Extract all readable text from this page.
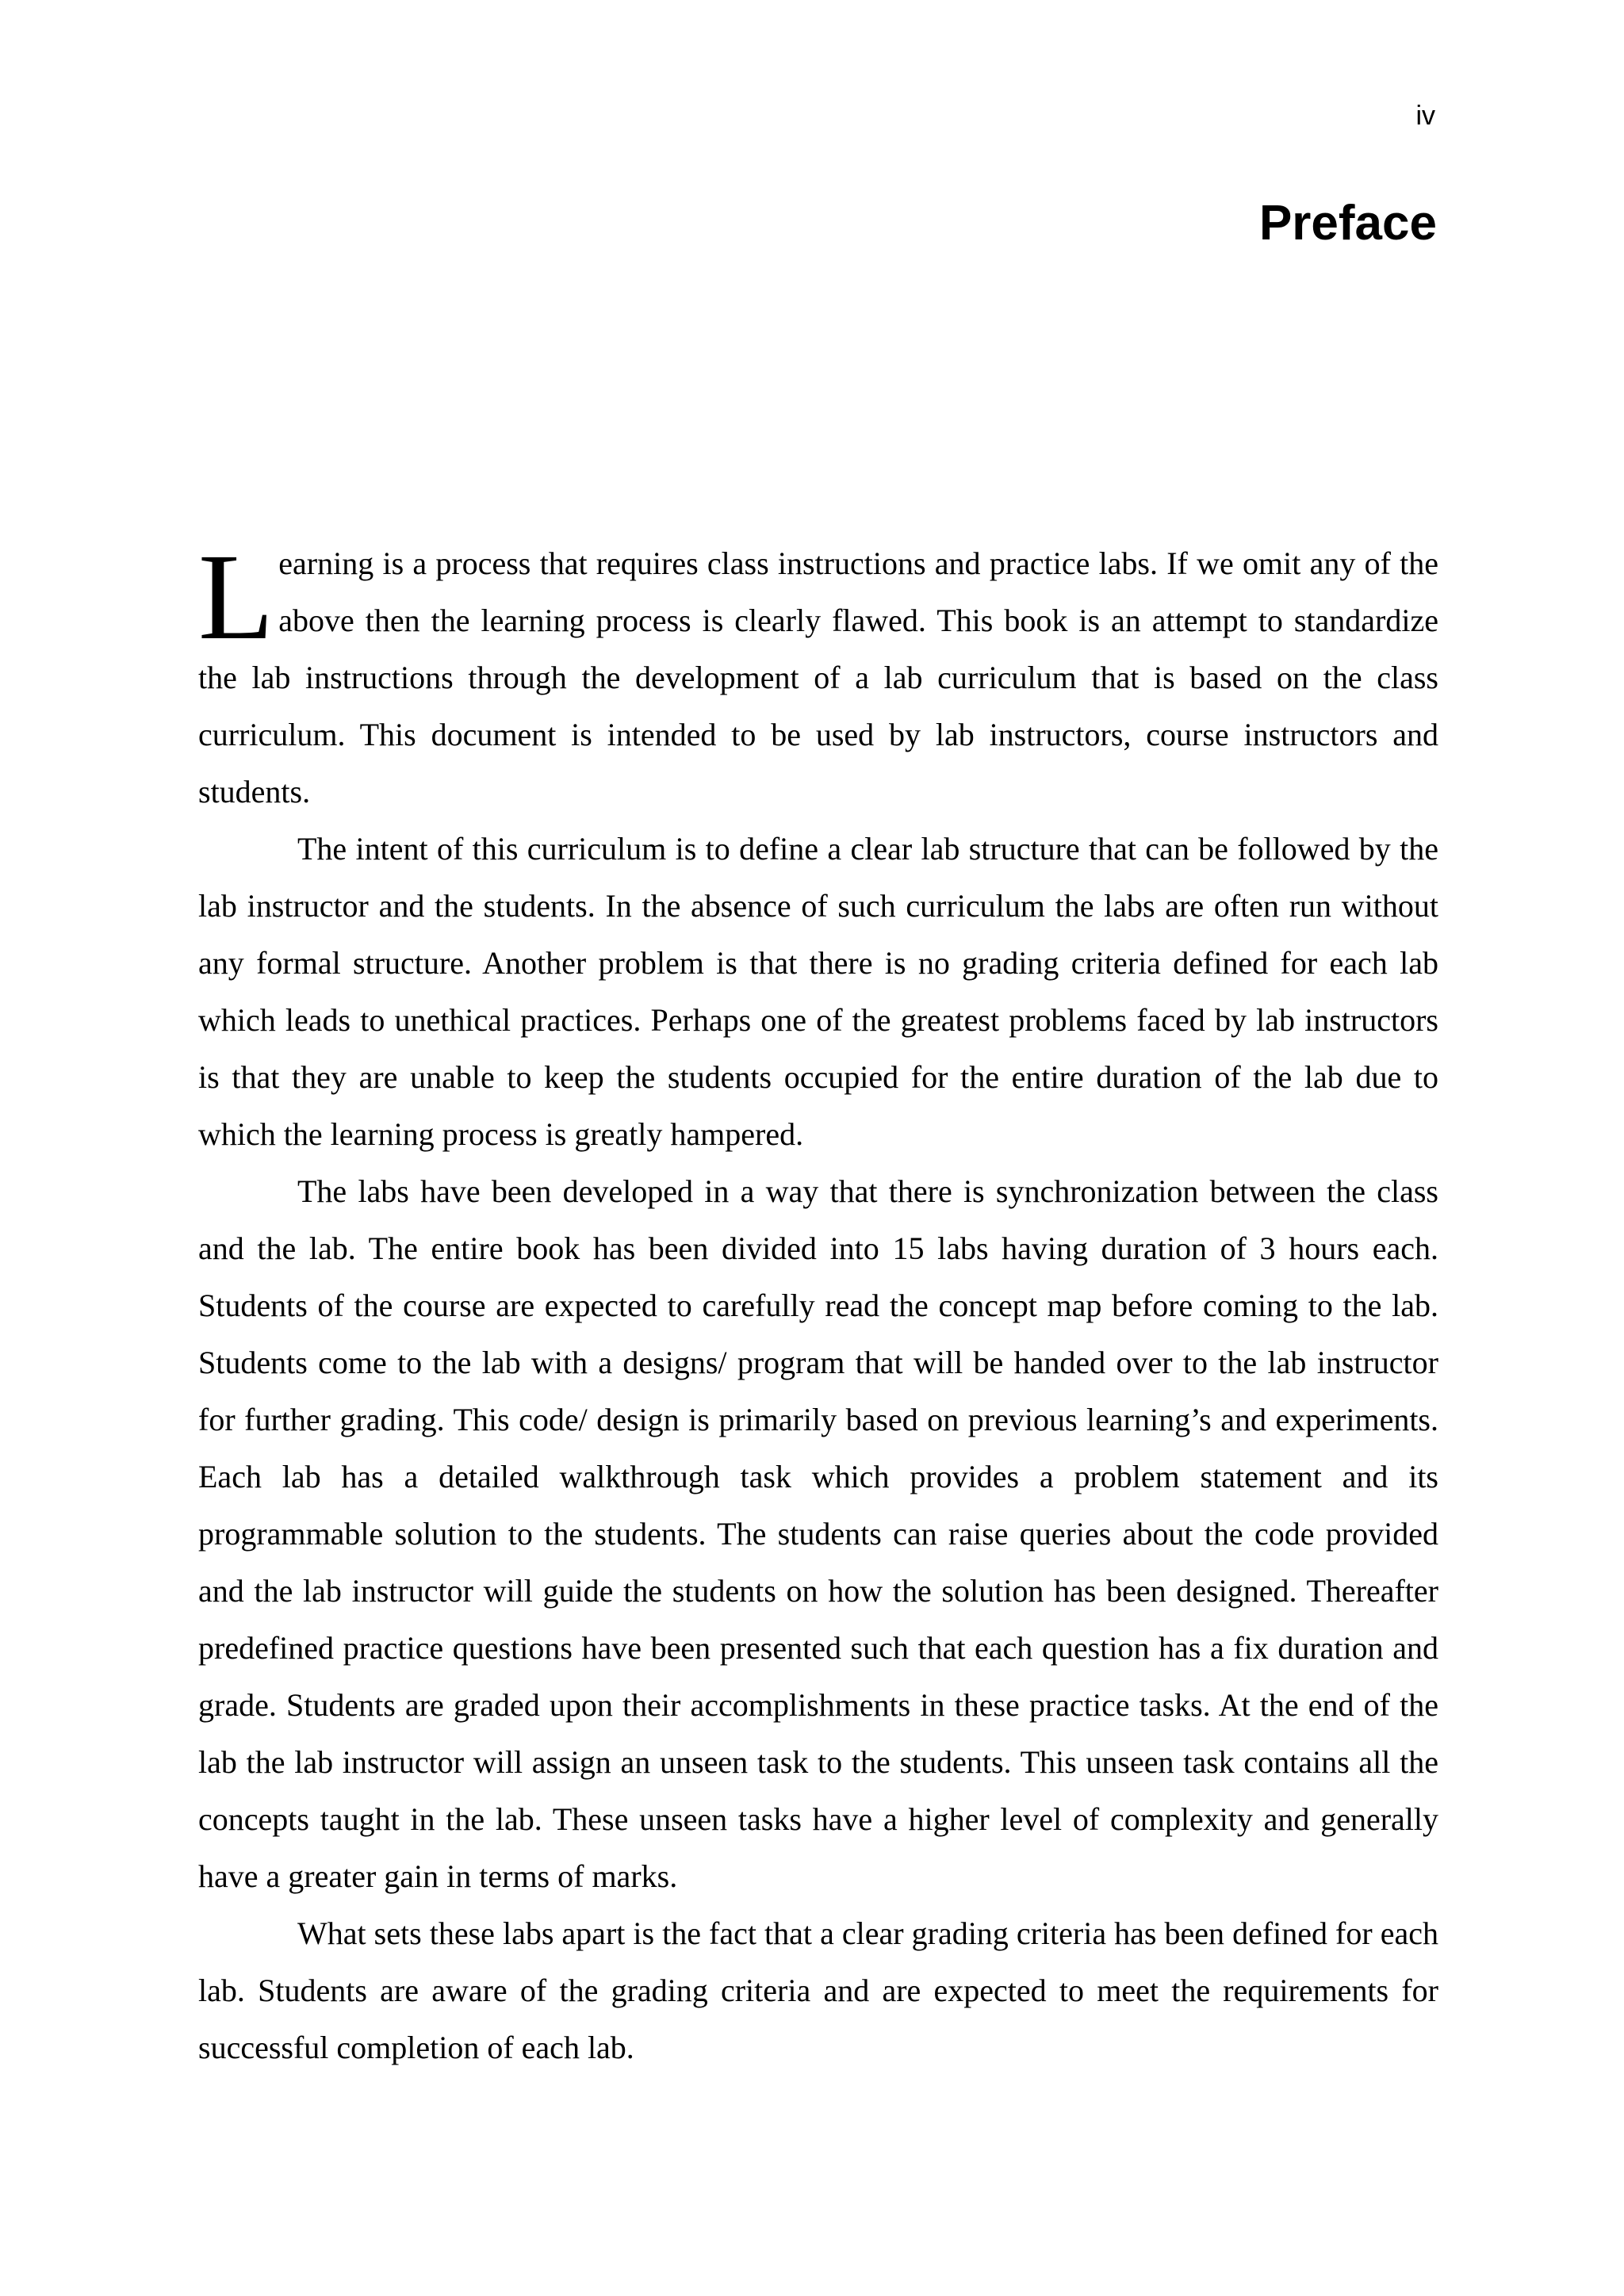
iv
Preface

Learning is a process that requires class instructions and practice labs. If we omit any of the above then the learning process is clearly flawed. This book is an attempt to standardize the lab instructions through the development of a lab curriculum that is based on the class curriculum. This document is intended to be used by lab instructors, course instructors and students.

The intent of this curriculum is to define a clear lab structure that can be followed by the lab instructor and the students. In the absence of such curriculum the labs are often run without any formal structure. Another problem is that there is no grading criteria defined for each lab which leads to unethical practices. Perhaps one of the greatest problems faced by lab instructors is that they are unable to keep the students occupied for the entire duration of the lab due to which the learning process is greatly hampered.

The labs have been developed in a way that there is synchronization between the class and the lab. The entire book has been divided into 15 labs having duration of 3 hours each. Students of the course are expected to carefully read the concept map before coming to the lab. Students come to the lab with a designs/ program that will be handed over to the lab instructor for further grading. This code/ design is primarily based on previous learning’s and experiments. Each lab has a detailed walkthrough task which provides a problem statement and its programmable solution to the students. The students can raise queries about the code provided and the lab instructor will guide the students on how the solution has been designed. Thereafter predefined practice questions have been presented such that each question has a fix duration and grade. Students are graded upon their accomplishments in these practice tasks. At the end of the lab the lab instructor will assign an unseen task to the students. This unseen task contains all the concepts taught in the lab. These unseen tasks have a higher level of complexity and generally have a greater gain in terms of marks.

What sets these labs apart is the fact that a clear grading criteria has been defined for each lab. Students are aware of the grading criteria and are expected to meet the requirements for successful completion of each lab.
